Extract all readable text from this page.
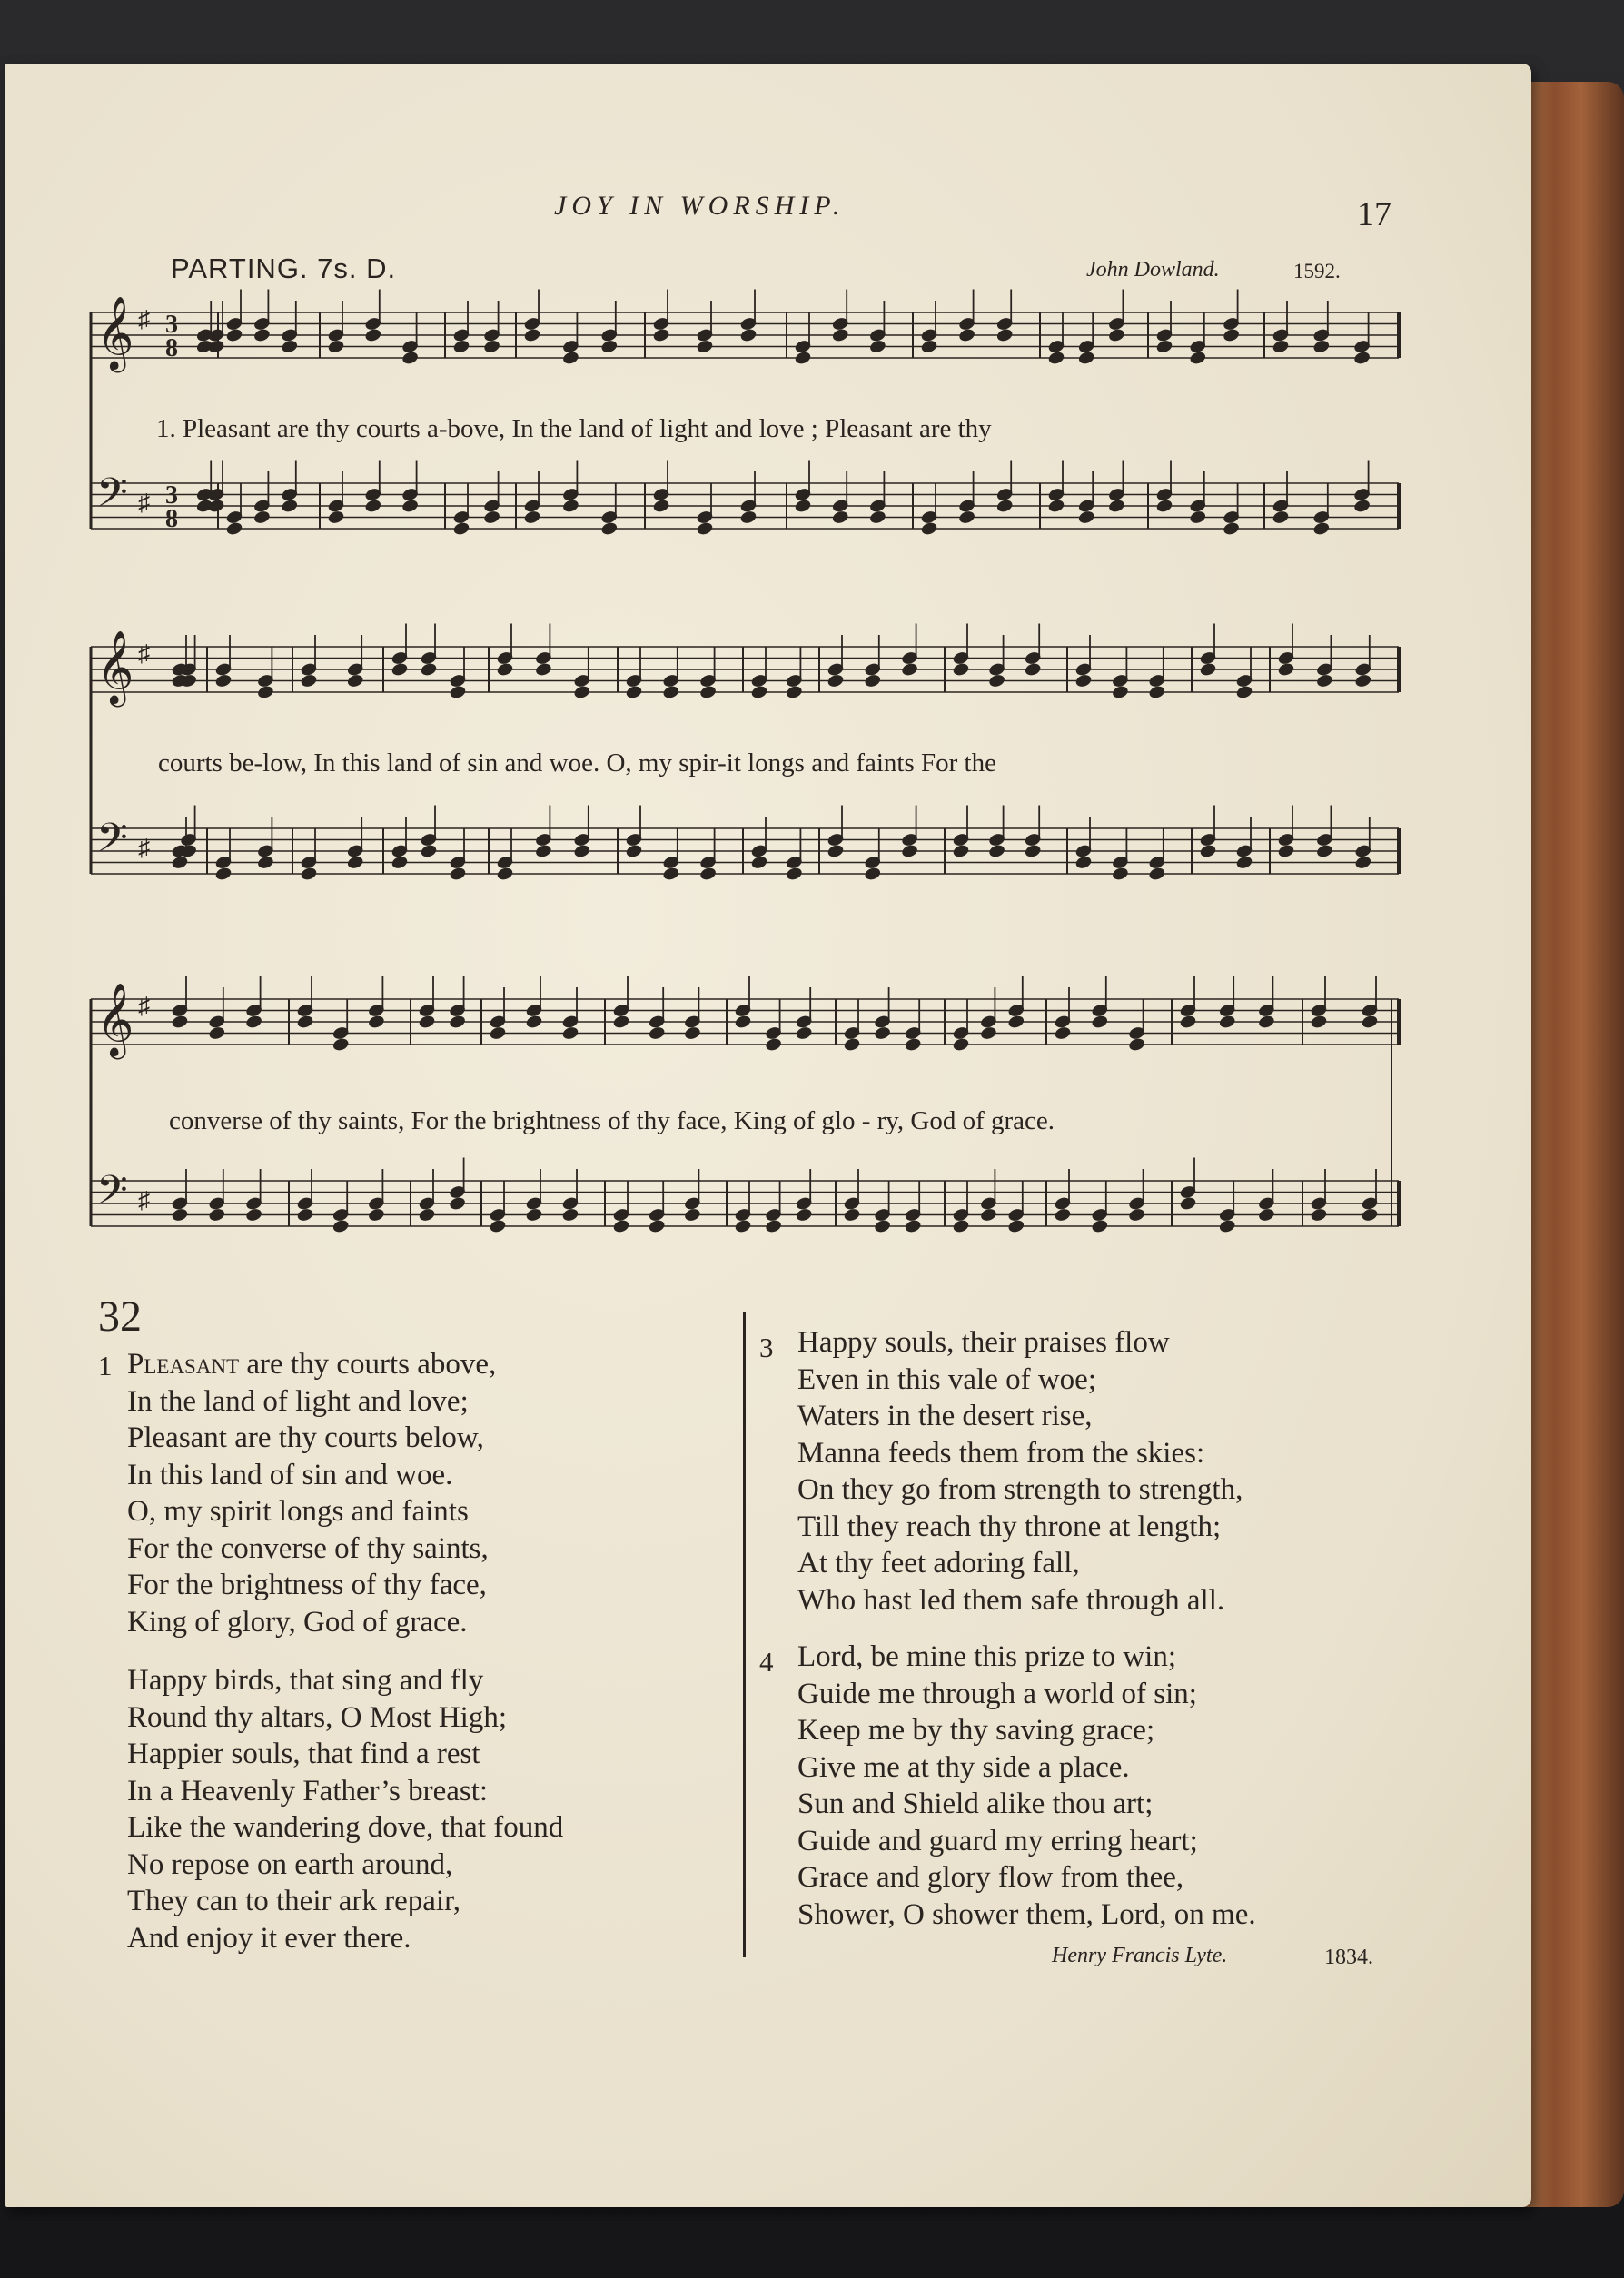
JOY IN WORSHIP.	17
PARTING. 7s. D.	John Dowland.	1592.
𝄞 ♯ 3
8
𝄢 ♯ 3
8
𝄞 ♯
𝄢 ♯
𝄞 ♯
𝄢 ♯
1. Pleasant are thy courts a-bove, In the land of light and love ; Pleasant are thy
courts be-low, In this land of sin and woe. O, my spir-it longs and faints For the
converse of thy saints, For the brightness of thy face, King of glo - ry, God of grace.
32
1 Pleasant are thy courts above,
In the land of light and love;
Pleasant are thy courts below,
In this land of sin and woe.
O, my spirit longs and faints
For the converse of thy saints,
For the brightness of thy face,
King of glory, God of grace.
Happy birds, that sing and fly
Round thy altars, O Most High;
Happier souls, that find a rest
In a Heavenly Father’s breast:
Like the wandering dove, that found
No repose on earth around,
They can to their ark repair,
And enjoy it ever there.
3 Happy souls, their praises flow
Even in this vale of woe;
Waters in the desert rise,
Manna feeds them from the skies:
On they go from strength to strength,
Till they reach thy throne at length;
At thy feet adoring fall,
Who hast led them safe through all.
4 Lord, be mine this prize to win;
Guide me through a world of sin;
Keep me by thy saving grace;
Give me at thy side a place.
Sun and Shield alike thou art;
Guide and guard my erring heart;
Grace and glory flow from thee,
Shower, O shower them, Lord, on me.
Henry Francis Lyte.	1834.
